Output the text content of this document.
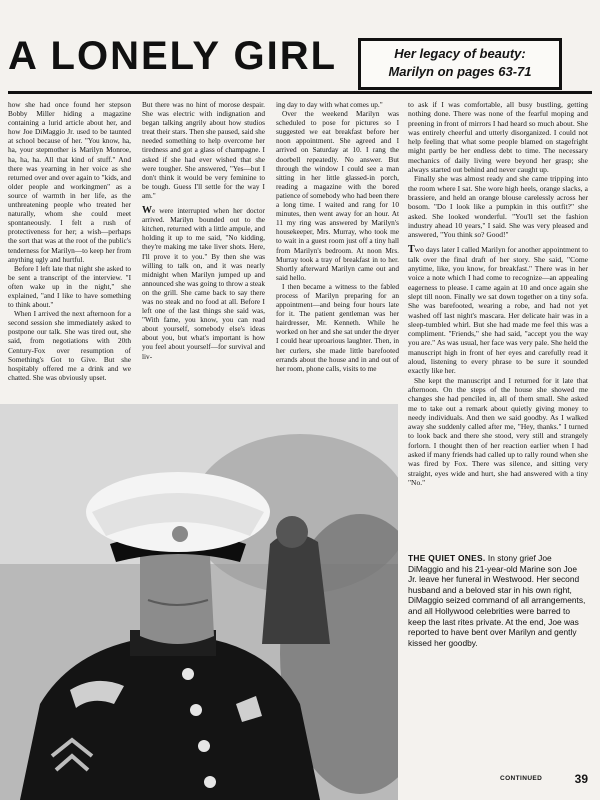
A LONELY GIRL	Her legacy of beauty:
Marilyn on pages 63-71

how she had once found her stepson Bobby Miller hiding a magazine containing a lurid article about her, and how Joe DiMaggio Jr. used to be taunted at school because of her. "You know, ha, ha, your stepmother is Marilyn Monroe, ha, ha, ha. All that kind of stuff." And there was yearning in her voice as she returned over and over again to "kids, and older people and workingmen" as a source of warmth in her life, as the unthreatening people who treated her naturally, whom she could meet spontaneously. I felt a rush of protectiveness for her; a wish—perhaps the sort that was at the root of the public's tenderness for Marilyn—to keep her from anything ugly and hurtful.

Before I left late that night she asked to be sent a transcript of the interview. "I often wake up in the night," she explained, "and I like to have something to think about."

When I arrived the next afternoon for a second session she immediately asked to postpone our talk. She was tired out, she said, from negotiations with 20th Century-Fox over resumption of Something's Got to Give. But she hospitably offered me a drink and we chatted. She was obviously upset.

But there was no hint of morose despair. She was electric with indignation and began talking angrily about how studios treat their stars. Then she paused, said she needed something to help overcome her tiredness and got a glass of champagne. I asked if she had ever wished that she were tougher. She answered, "Yes—but I don't think it would be very feminine to be tough. Guess I'll settle for the way I am."

We were interrupted when her doctor arrived. Marilyn bounded out to the kitchen, returned with a little ampule, and holding it up to me said, "No kidding, they're making me take liver shots. Here, I'll prove it to you." By then she was willing to talk on, and it was nearly midnight when Marilyn jumped up and announced she was going to throw a steak on the grill. She came back to say there was no steak and no food at all. Before I left one of the last things she said was, "With fame, you know, you can read about yourself, somebody else's ideas about you, but what's important is how you feel about yourself—for survival and liv-

ing day to day with what comes up."

Over the weekend Marilyn was scheduled to pose for pictures so I suggested we eat breakfast before her noon appointment. She agreed and I arrived on Saturday at 10. I rang the doorbell repeatedly. No answer. But through the window I could see a man sitting in her little glassed-in porch, reading a magazine with the bored patience of somebody who had been there a long time. I waited and rang for 10 minutes, then went away for an hour. At 11 my ring was answered by Marilyn's housekeeper, Mrs. Murray, who took me to wait in a guest room just off a tiny hall from Marilyn's bedroom. At noon Mrs. Murray took a tray of breakfast in to her. Shortly afterward Marilyn came out and said hello.

I then became a witness to the fabled process of Marilyn preparing for an appointment—and being four hours late for it. The patient gentleman was her hairdresser, Mr. Kenneth. While he worked on her and she sat under the dryer I could hear uproarious laughter. Then, in her curlers, she made little barefooted errands about the house and in and out of her room, phone calls, visits to me

to ask if I was comfortable, all busy bustling, getting nothing done. There was none of the fearful moping and preening in front of mirrors I had heard so much about. She was entirely cheerful and utterly disorganized. I could not help feeling that what some people blamed on stagefright might partly be her endless debt to time. The necessary mechanics of daily living were beyond her grasp; she always started out behind and never caught up.

Finally she was almost ready and she came tripping into the room where I sat. She wore high heels, orange slacks, a brassiere, and held an orange blouse carelessly across her bosom. "Do I look like a pumpkin in this outfit?" she asked. She looked wonderful. "You'll set the fashion industry ahead 10 years," I said. She was very pleased and answered, "You think so? Good!"

Two days later I called Marilyn for another appointment to talk over the final draft of her story. She said, "Come anytime, like, you know, for breakfast." There was in her voice a note which I had come to recognize—an appealing eagerness to please. I came again at 10 and once again she slept till noon. Finally we sat down together on a tiny sofa. She was barefooted, wearing a robe, and had not yet washed off last night's mascara. Her delicate hair was in a sleep-tumbled whirl. But she had made me feel this was a compliment. "Friends," she had said, "accept you the way you are." As was usual, her face was very pale. She held the manuscript high in front of her eyes and carefully read it aloud, listening to every phrase to be sure it sounded exactly like her.

She kept the manuscript and I returned for it late that afternoon. On the steps of the house she showed me changes she had penciled in, all of them small. She asked me to take out a remark about quietly giving money to needy individuals. And then we said goodby. As I walked away she suddenly called after me, "Hey, thanks." I turned to look back and there she stood, very still and strangely forlorn. I thought then of her reaction earlier when I had asked if many friends had called up to rally round when she was fired by Fox. There was silence, and sitting very straight, eyes wide and hurt, she had answered with a tiny "No."

THE QUIET ONES. In stony grief Joe DiMaggio and his 21-year-old Marine son Joe Jr. leave her funeral in Westwood. Her second husband and a beloved star in his own right, DiMaggio seized command of all arrangements, and all Hollywood celebrities were barred to keep the last rites private. At the end, Joe was reported to have bent over Marilyn and gently kissed her goodby.
CONTINUED	39
